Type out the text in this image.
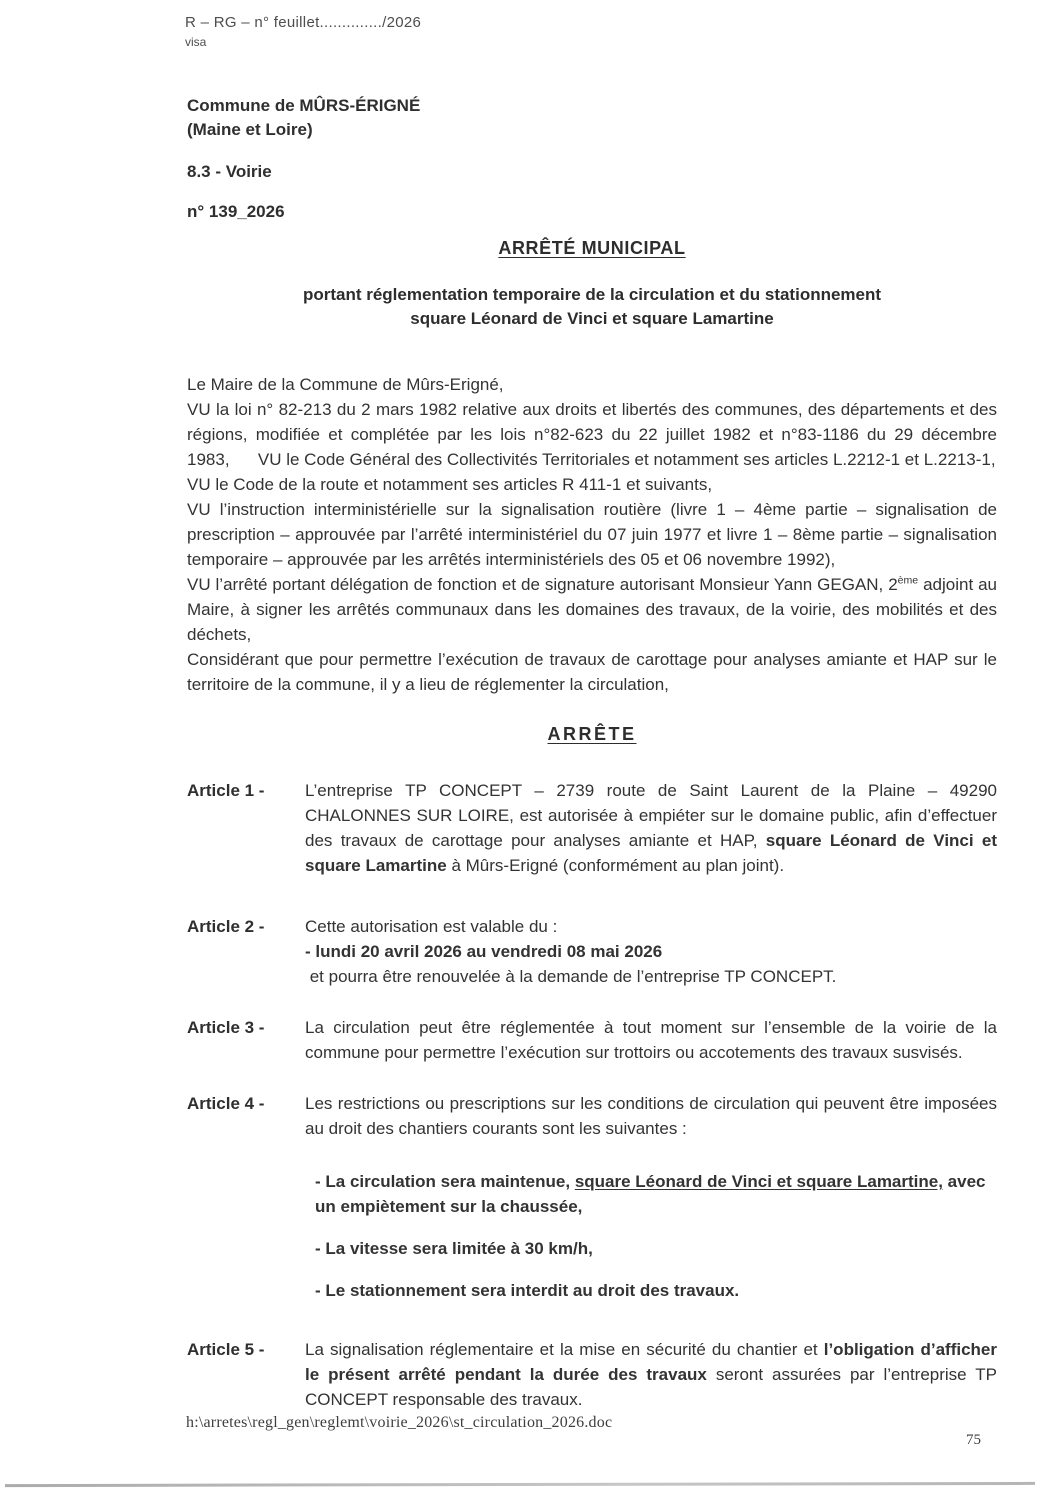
R – RG – n° feuillet............../2026
visa
Commune de MÛRS-ÉRIGNÉ
(Maine et Loire)
8.3 - Voirie
n° 139_2026
ARRÊTÉ MUNICIPAL
portant réglementation temporaire de la circulation et du stationnement
square Léonard de Vinci et square Lamartine
Le Maire de la Commune de Mûrs-Erigné,
VU la loi n° 82-213 du 2 mars 1982 relative aux droits et libertés des communes, des départements et des régions, modifiée et complétée par les lois n°82-623 du 22 juillet 1982 et n°83-1186 du 29 décembre 1983,      VU le Code Général des Collectivités Territoriales et notamment ses articles L.2212-1 et L.2213-1,
VU le Code de la route et notamment ses articles R 411-1 et suivants,
VU l’instruction interministérielle sur la signalisation routière (livre 1 – 4ème partie – signalisation de prescription – approuvée par l’arrêté interministériel du 07 juin 1977 et livre 1 – 8ème partie – signalisation temporaire – approuvée par les arrêtés interministériels des 05 et 06 novembre 1992),
VU l’arrêté portant délégation de fonction et de signature autorisant Monsieur Yann GEGAN, 2ème adjoint au Maire, à signer les arrêtés communaux dans les domaines des travaux, de la voirie, des mobilités et des déchets,
Considérant que pour permettre l’exécution de travaux de carottage pour analyses amiante et HAP sur le territoire de la commune, il y a lieu de réglementer la circulation,
ARRÊTE
Article 1 -	L’entreprise TP CONCEPT – 2739 route de Saint Laurent de la Plaine – 49290 CHALONNES SUR LOIRE, est autorisée à empiéter sur le domaine public, afin d’effectuer des travaux de carottage pour analyses amiante et HAP, square Léonard de Vinci et square Lamartine à Mûrs-Erigné (conformément au plan joint).
Article 2 -	Cette autorisation est valable du :
- lundi 20 avril 2026 au vendredi 08 mai 2026
et pourra être renouvelée à la demande de l’entreprise TP CONCEPT.
Article 3 -	La circulation peut être réglementée à tout moment sur l’ensemble de la voirie de la commune pour permettre l’exécution sur trottoirs ou accotements des travaux susvisés.
Article 4 -	Les restrictions ou prescriptions sur les conditions de circulation qui peuvent être imposées au droit des chantiers courants sont les suivantes :
- La circulation sera maintenue, square Léonard de Vinci et square Lamartine, avec un empiètement sur la chaussée,
- La vitesse sera limitée à 30 km/h,
- Le stationnement sera interdit au droit des travaux.
Article 5 -	La signalisation réglementaire et la mise en sécurité du chantier et l’obligation d’afficher le présent arrêté pendant la durée des travaux seront assurées par l’entreprise TP CONCEPT responsable des travaux.
h:\arretes\regl_gen\reglemt\voirie_2026\st_circulation_2026.doc
75
